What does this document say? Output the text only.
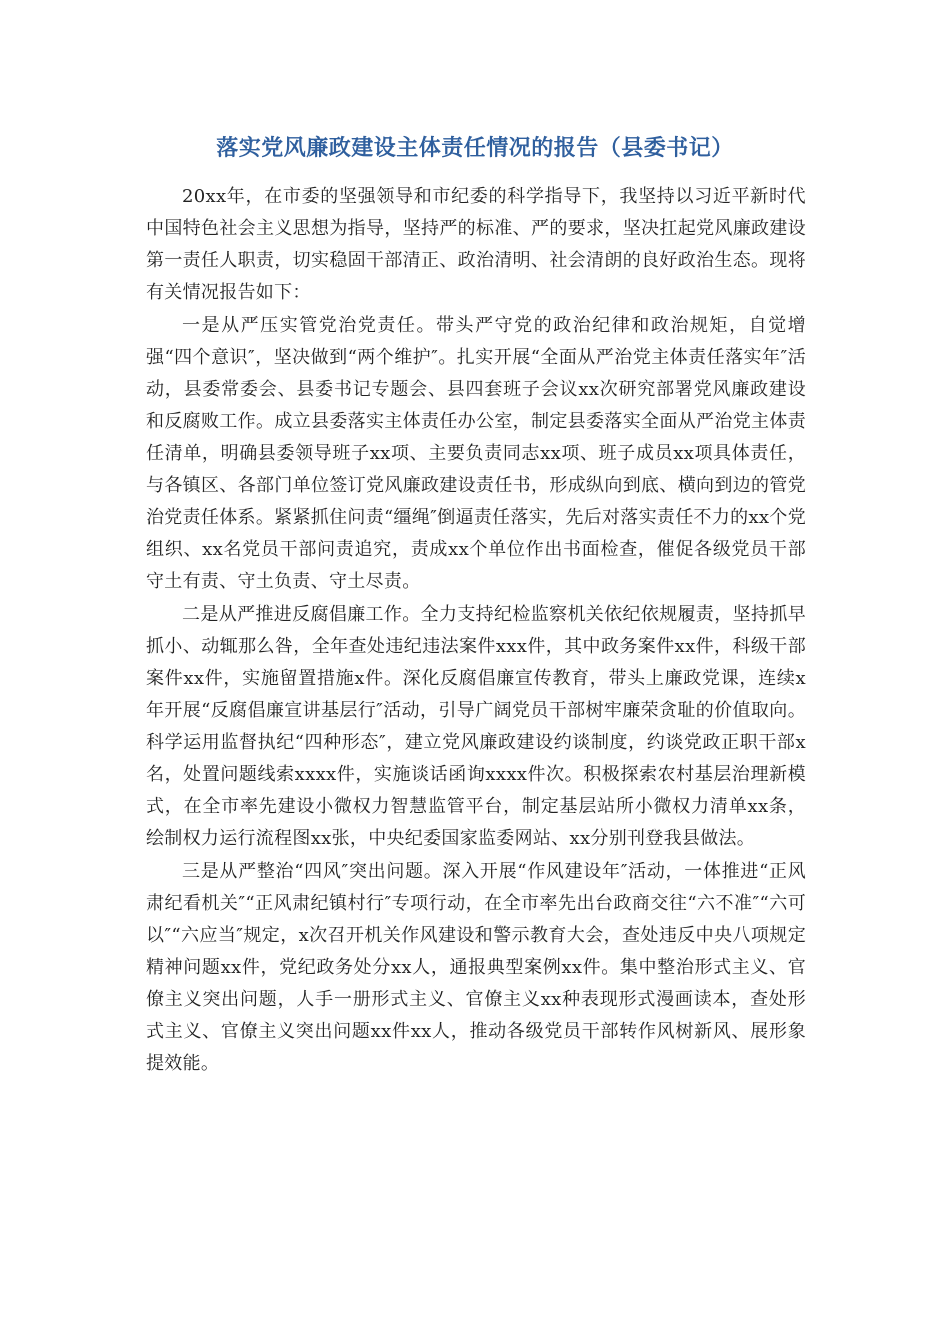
落实党风廉政建设主体责任情况的报告（县委书记）

20xx年，在市委的坚强领导和市纪委的科学指导下，我坚持以习近平新时代中国特色社会主义思想为指导，坚持严的标准、严的要求，坚决扛起党风廉政建设第一责任人职责，切实稳固干部清正、政治清明、社会清朗的良好政治生态。现将有关情况报告如下：

一是从严压实管党治党责任。带头严守党的政治纪律和政治规矩，自觉增强“四个意识″，坚决做到“两个维护″。扎实开展“全面从严治党主体责任落实年″活动，县委常委会、县委书记专题会、县四套班子会议xx次研究部署党风廉政建设和反腐败工作。成立县委落实主体责任办公室，制定县委落实全面从严治党主体责任清单，明确县委领导班子xx项、主要负责同志xx项、班子成员xx项具体责任，与各镇区、各部门单位签订党风廉政建设责任书，形成纵向到底、横向到边的管党治党责任体系。紧紧抓住问责“缰绳″倒逼责任落实，先后对落实责任不力的xx个党组织、xx名党员干部问责追究，责成xx个单位作出书面检查，催促各级党员干部守土有责、守土负责、守土尽责。

二是从严推进反腐倡廉工作。全力支持纪检监察机关依纪依规履责，坚持抓早抓小、动辄那么咎，全年查处违纪违法案件xxx件，其中政务案件xx件，科级干部案件xx件，实施留置措施x件。深化反腐倡廉宣传教育，带头上廉政党课，连续x年开展“反腐倡廉宣讲基层行″活动，引导广阔党员干部树牢廉荣贪耻的价值取向。科学运用监督执纪“四种形态″，建立党风廉政建设约谈制度，约谈党政正职干部x名，处置问题线索xxxx件，实施谈话函询xxxx件次。积极探索农村基层治理新模式，在全市率先建设小微权力智慧监管平台，制定基层站所小微权力清单xx条，绘制权力运行流程图xx张，中央纪委国家监委网站、xx分别刊登我县做法。

三是从严整治“四风″突出问题。深入开展“作风建设年″活动，一体推进“正风肃纪看机关″“正风肃纪镇村行″专项行动，在全市率先出台政商交往“六不准″“六可以″“六应当″规定，x次召开机关作风建设和警示教育大会，查处违反中央八项规定精神问题xx件，党纪政务处分xx人，通报典型案例xx件。集中整治形式主义、官僚主义突出问题，人手一册形式主义、官僚主义xx种表现形式漫画读本，查处形式主义、官僚主义突出问题xx件xx人，推动各级党员干部转作风树新风、展形象提效能。
